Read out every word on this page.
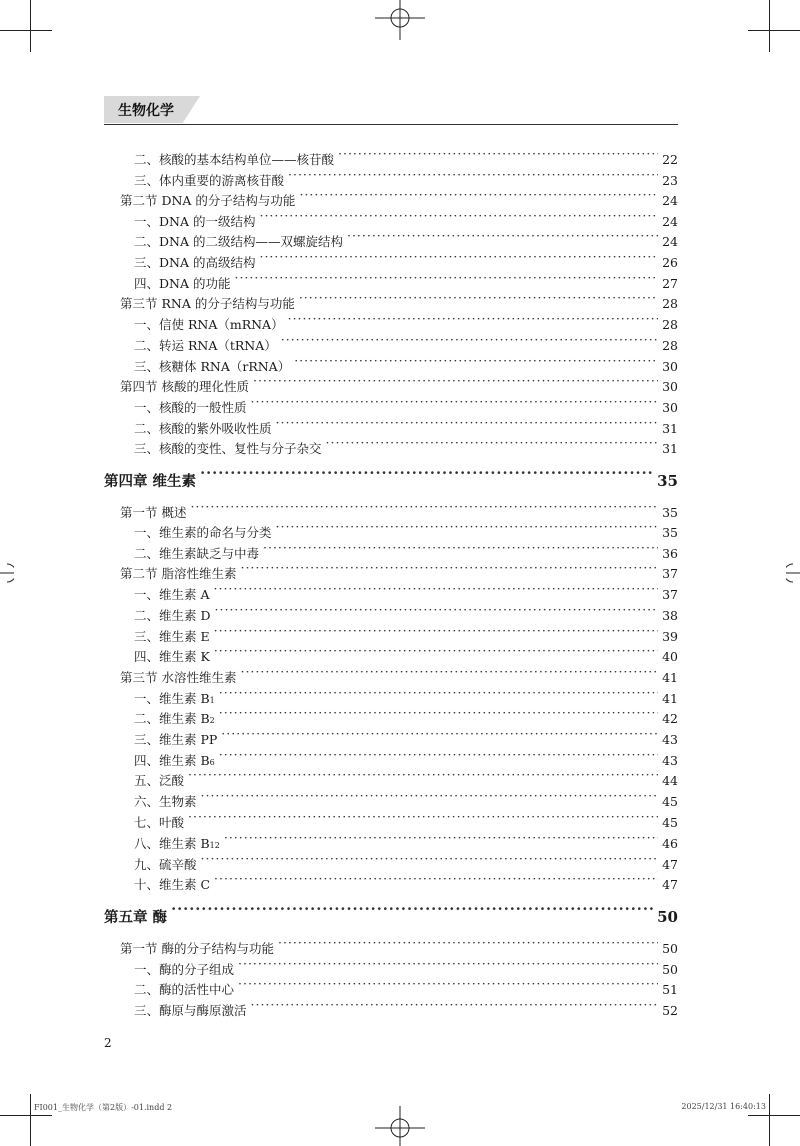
生物化学
二、核酸的基本结构单位——核苷酸 ·····	22
三、体内重要的游离核苷酸 ·····	23
第二节 DNA 的分子结构与功能 ·····	24
一、DNA 的一级结构 ·····	24
二、DNA 的二级结构——双螺旋结构 ·····	24
三、DNA 的高级结构 ·····	26
四、DNA 的功能 ·····	27
第三节 RNA 的分子结构与功能 ·····	28
一、信使 RNA（mRNA） ·····	28
二、转运 RNA（tRNA） ·····	28
三、核糖体 RNA（rRNA） ·····	30
第四节 核酸的理化性质 ·····	30
一、核酸的一般性质 ·····	30
二、核酸的紫外吸收性质 ·····	31
三、核酸的变性、复性与分子杂交 ·····	31
第四章 维生素 ·····	35
第一节 概述 ·····	35
一、维生素的命名与分类 ·····	35
二、维生素缺乏与中毒 ·····	36
第二节 脂溶性维生素 ·····	37
一、维生素 A ·····	37
二、维生素 D ·····	38
三、维生素 E ·····	39
四、维生素 K ·····	40
第三节 水溶性维生素 ·····	41
一、维生素 B 1 ·····	41
二、维生素 B 2 ·····	42
三、维生素 PP ·····	43
四、维生素 B 6 ·····	43
五、泛酸 ·····	44
六、生物素 ·····	45
七、叶酸 ·····	45
八、维生素 B 12 ·····	46
九、硫辛酸 ·····	47
十、维生素 C ·····	47
第五章 酶 ·····	50
第一节 酶的分子结构与功能 ·····	50
一、酶的分子组成 ·····	50
二、酶的活性中心 ·····	51
三、酶原与酶原激活 ·····	52
2
FI001_生物化学（第2版）-01.indd 2	2025/12/31 16:40:13
